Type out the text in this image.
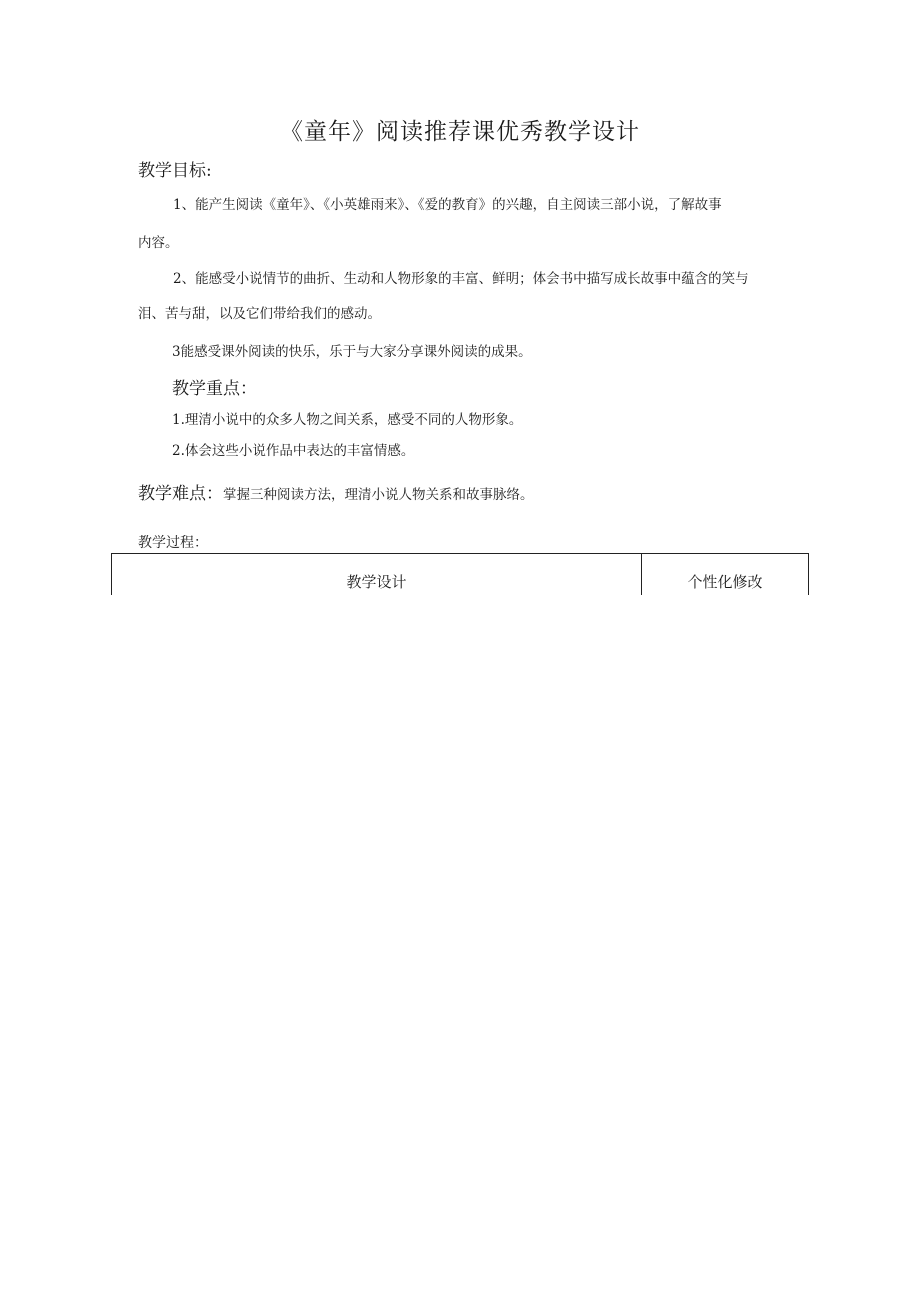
《童年》阅读推荐课优秀教学设计
教学目标:
1、能产生阅读《童年》、《小英雄雨来》、《爱的教育》的兴趣，自主阅读三部小说，了解故事
内容。
2、能感受小说情节的曲折、生动和人物形象的丰富、鲜明；体会书中描写成长故事中蕴含的笑与
泪、苦与甜，以及它们带给我们的感动。
3能感受课外阅读的快乐，乐于与大家分享课外阅读的成果。
教学重点：
1.理清小说中的众多人物之间关系，感受不同的人物形象。
2.体会这些小说作品中表达的丰富情感。
教学难点：掌握三种阅读方法，理清小说人物关系和故事脉络。
教学过程：
教学设计	个性化修改
